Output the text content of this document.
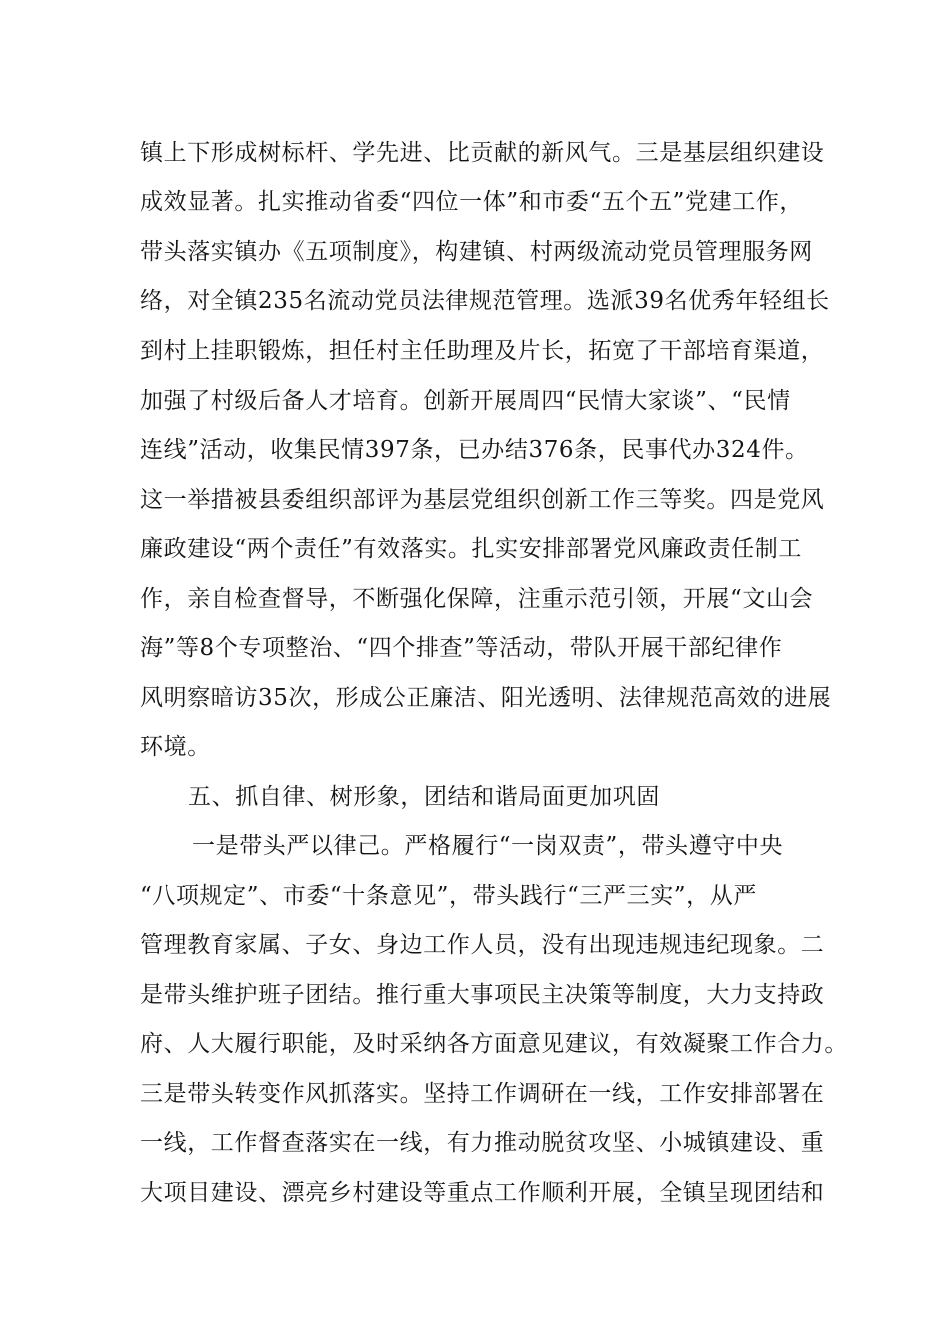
镇上下形成树标杆、学先进、比贡献的新风气。三是基层组织建设
成效显著。扎实推动省委“四位一体”和市委“五个五”党建工作，
带头落实镇办《五项制度》，构建镇、村两级流动党员管理服务网
络，对全镇235名流动党员法律规范管理。选派39名优秀年轻组长
到村上挂职锻炼，担任村主任助理及片长，拓宽了干部培育渠道，
加强了村级后备人才培育。创新开展周四“民情大家谈”、“民情
连线”活动，收集民情397条，已办结376条，民事代办324件。
这一举措被县委组织部评为基层党组织创新工作三等奖。四是党风
廉政建设“两个责任”有效落实。扎实安排部署党风廉政责任制工
作，亲自检查督导，不断强化保障，注重示范引领，开展“文山会
海”等8个专项整治、“四个排查”等活动，带队开展干部纪律作
风明察暗访35次，形成公正廉洁、阳光透明、法律规范高效的进展
环境。
五、抓自律、树形象，团结和谐局面更加巩固
一是带头严以律己。严格履行“一岗双责”，带头遵守中央
“八项规定”、市委“十条意见”，带头践行“三严三实”，从严
管理教育家属、子女、身边工作人员，没有出现违规违纪现象。二
是带头维护班子团结。推行重大事项民主决策等制度，大力支持政
府、人大履行职能，及时采纳各方面意见建议，有效凝聚工作合力。
三是带头转变作风抓落实。坚持工作调研在一线，工作安排部署在
一线，工作督查落实在一线，有力推动脱贫攻坚、小城镇建设、重
大项目建设、漂亮乡村建设等重点工作顺利开展，全镇呈现团结和
